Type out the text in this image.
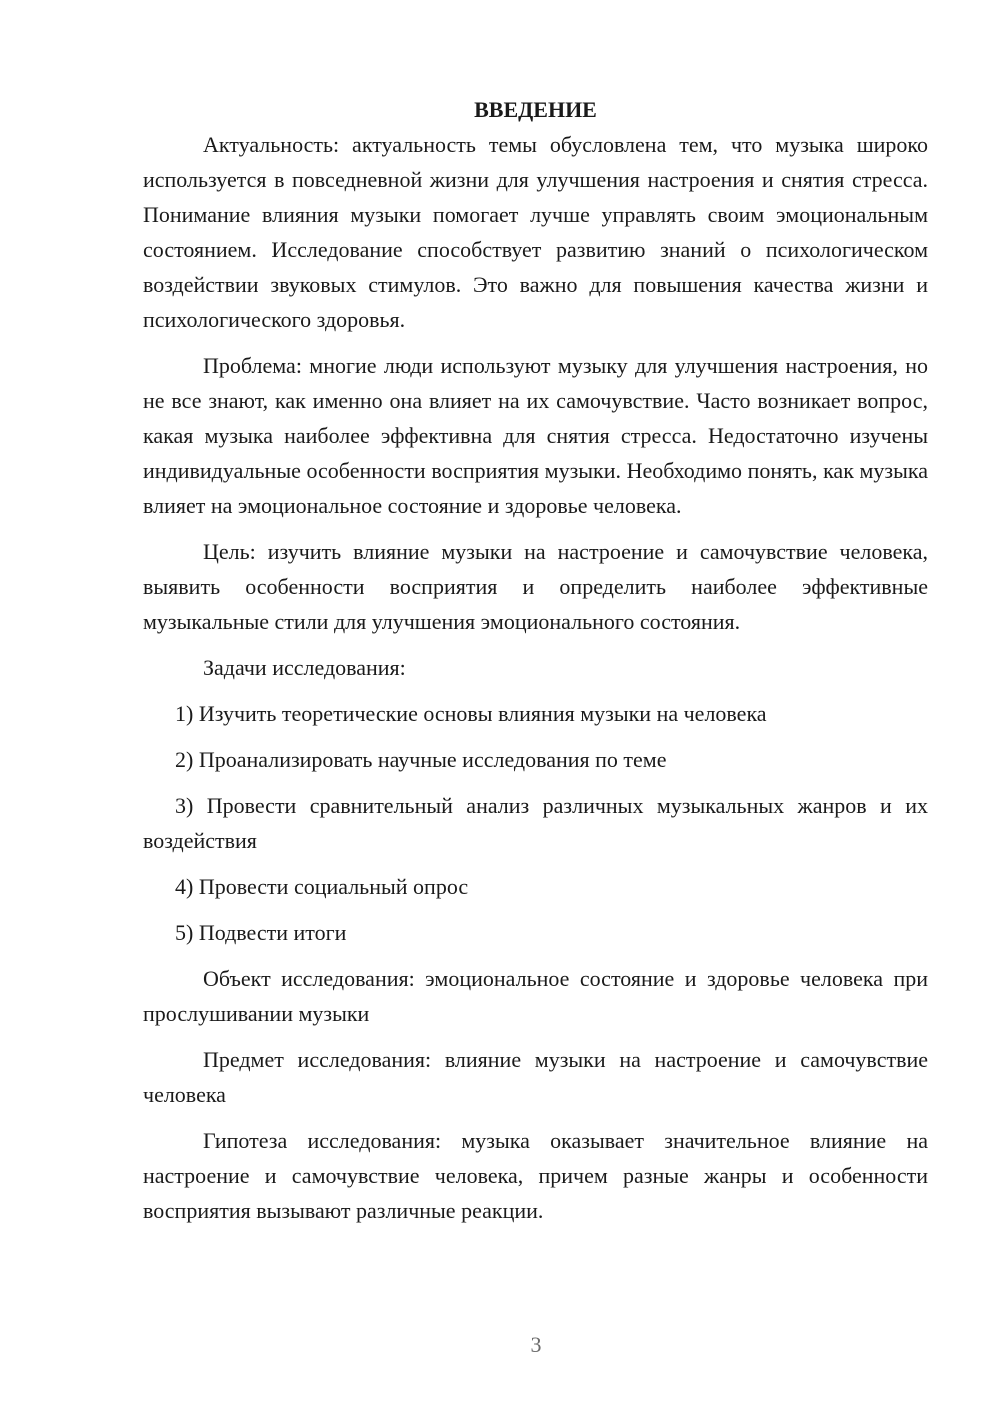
ВВЕДЕНИЕ

Актуальность: актуальность темы обусловлена тем, что музыка широко используется в повседневной жизни для улучшения настроения и снятия стресса. Понимание влияния музыки помогает лучше управлять своим эмоциональным состоянием. Исследование способствует развитию знаний о психологическом воздействии звуковых стимулов. Это важно для повышения качества жизни и психологического здоровья.

Проблема: многие люди используют музыку для улучшения настроения, но не все знают, как именно она влияет на их самочувствие. Часто возникает вопрос, какая музыка наиболее эффективна для снятия стресса. Недостаточно изучены индивидуальные особенности восприятия музыки. Необходимо понять, как музыка влияет на эмоциональное состояние и здоровье человека.

Цель: изучить влияние музыки на настроение и самочувствие человека, выявить особенности восприятия и определить наиболее эффективные музыкальные стили для улучшения эмоционального состояния.

Задачи исследования:

1) Изучить теоретические основы влияния музыки на человека

2) Проанализировать научные исследования по теме

3) Провести сравнительный анализ различных музыкальных жанров и их воздействия

4) Провести социальный опрос

5) Подвести итоги

Объект исследования: эмоциональное состояние и здоровье человека при прослушивании музыки

Предмет исследования: влияние музыки на настроение и самочувствие человека

Гипотеза исследования: музыка оказывает значительное влияние на настроение и самочувствие человека, причем разные жанры и особенности восприятия вызывают различные реакции.

3
